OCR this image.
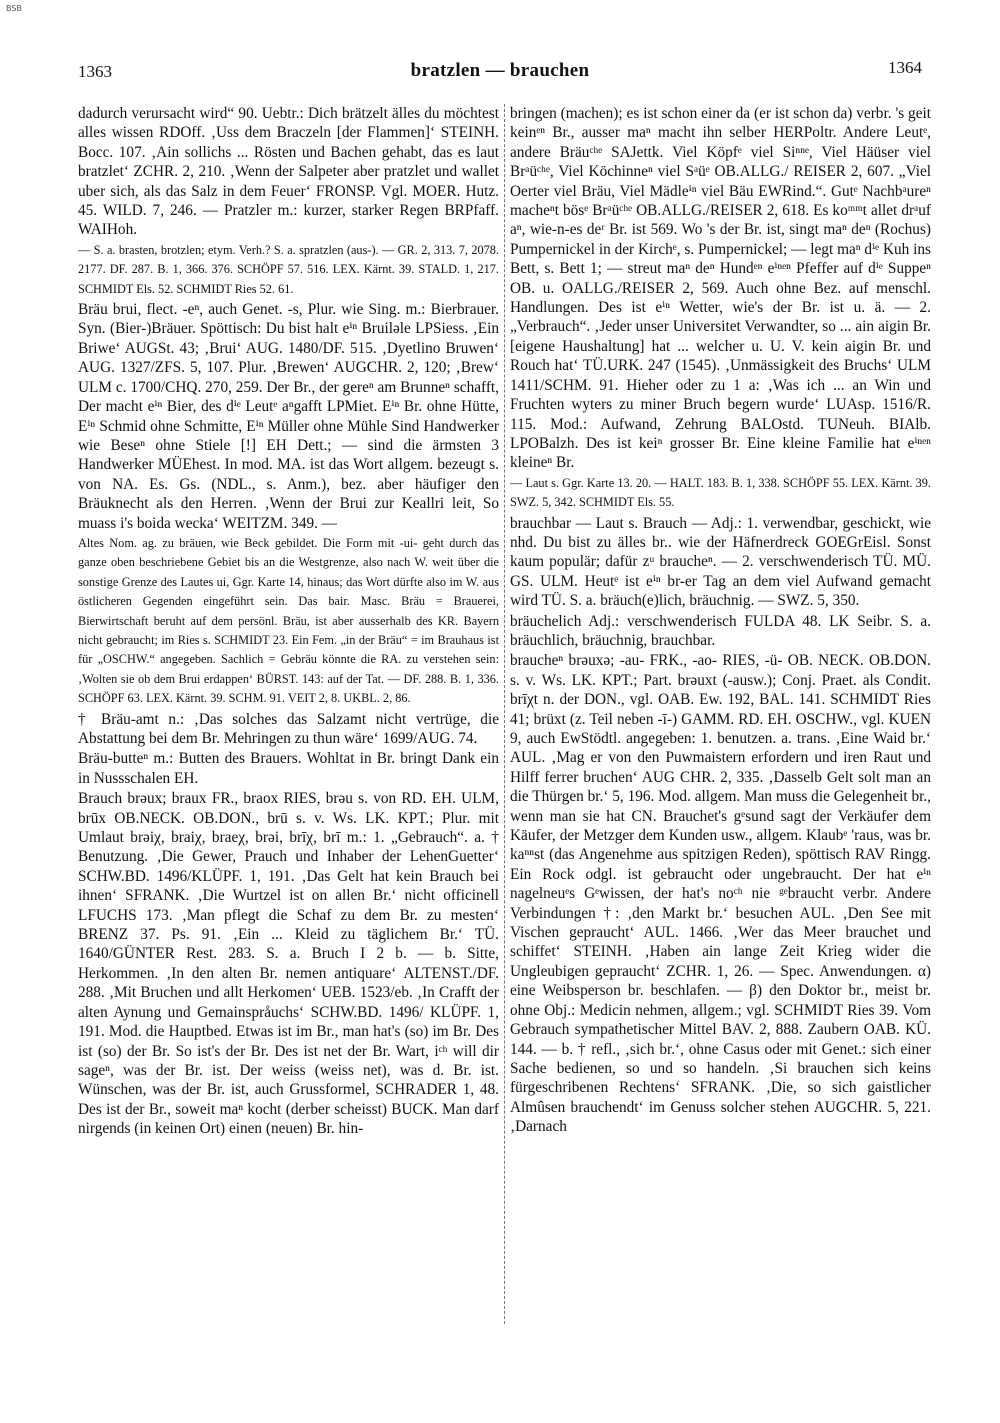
BSB
1363	bratzlen — brauchen	1364

dadurch verursacht wird“ 90. Uebtr.: Dich brätzelt älles du möchtest alles wissen RDOff. ‚Uss dem Braczeln [der Flammen]‘ STEINH. Bocc. 107. ‚Ain sollichs ... Rösten und Bachen gehabt, das es laut bratzlet‘ ZCHR. 2, 210. ‚Wenn der Salpeter aber pratzlet und wallet uber sich, als das Salz in dem Feuer‘ FRONSP. Vgl. MOER. Hutz. 45. WILD. 7, 246. — Pratzler m.: kurzer, starker Regen BRPfaff. WAIHoh.

— S. a. brasten, brotzlen; etym. Verh.? S. a. spratzlen (aus-). — GR. 2, 313. 7, 2078. 2177. DF. 287. B. 1, 366. 376. SCHÖPF 57. 516. LEX. Kärnt. 39. STALD. 1, 217. SCHMIDT Els. 52. SCHMIDT Ries 52. 61.

Bräu brui, flect. -eⁿ, auch Genet. -s, Plur. wie Sing. m.: Bierbrauer. Syn. (Bier-)Bräuer. Spöttisch: Du bist halt eⁱⁿ Bruilǝle LPSiess. ‚Ein Briwe‘ AUGSt. 43; ‚Brui‘ AUG. 1480/DF. 515. ‚Dyetlino Bruwen‘ AUG. 1327/ZFS. 5, 107. Plur. ‚Brewen‘ AUGCHR. 2, 120; ‚Brew‘ ULM c. 1700/CHQ. 270, 259. Der Br., der gereⁿ am Brunneⁿ schafft, Der macht eⁱⁿ Bier, des dⁱᵉ Leutᵉ aⁿgafft LPMiet. Eⁱⁿ Br. ohne Hütte, Eⁱⁿ Schmid ohne Schmitte, Eⁱⁿ Müller ohne Mühle Sind Handwerker wie Beseⁿ ohne Stiele [!] EH Dett.; — sind die ärmsten 3 Handwerker MÜEhest. In mod. MA. ist das Wort allgem. bezeugt s. von NA. Es. Gs. (NDL., s. Anm.), bez. aber häufiger den Bräuknecht als den Herren. ‚Wenn der Brui zur Keallri leit, So muass i's boida wecka‘ WEITZM. 349. —

Altes Nom. ag. zu bräuen, wie Beck gebildet. Die Form mit -ui- geht durch das ganze oben beschriebene Gebiet bis an die Westgrenze, also nach W. weit über die sonstige Grenze des Lautes ui, Ggr. Karte 14, hinaus; das Wort dürfte also im W. aus östlicheren Gegenden eingeführt sein. Das bair. Masc. Bräu = Brauerei, Bierwirtschaft beruht auf dem persönl. Bräu, ist aber ausserhalb des KR. Bayern nicht gebraucht; im Ries s. SCHMIDT 23. Ein Fem. „in der Bräu“ = im Brauhaus ist für „OSCHW.“ angegeben. Sachlich = Gebräu könnte die RA. zu verstehen sein: ‚Wolten sie ob dem Brui erdappen‘ BÜRST. 143: auf der Tat. — DF. 288. B. 1, 336. SCHÖPF 63. LEX. Kärnt. 39. SCHM. 91. VEIT 2, 8. UKBL. 2, 86.

† Bräu-amt n.: ‚Das solches das Salzamt nicht vertrüge, die Abstattung bei dem Br. Mehringen zu thun wäre‘ 1699/AUG. 74.

Bräu-butteⁿ m.: Butten des Brauers. Wohltat in Br. bringt Dank ein in Nussschalen EH.

Brauch brǝux; braux FR., braox RIES, brǝu s. von RD. EH. ULM, brūx OB.NECK. OB.DON., brū s. v. Ws. LK. KPT.; Plur. mit Umlaut brǝiχ, braiχ, braeχ, brǝi, brīχ, brī m.: 1. „Gebrauch“. a. † Benutzung. ‚Die Gewer, Prauch und Inhaber der LehenGuetter‘ SCHW.BD. 1496/KLÜPF. 1, 191. ‚Das Gelt hat kein Brauch bei ihnen‘ SFRANK. ‚Die Wurtzel ist on allen Br.‘ nicht officinell LFUCHS 173. ‚Man pflegt die Schaf zu dem Br. zu mesten‘ BRENZ 37. Ps. 91. ‚Ein ... Kleid zu täglichem Br.‘ TÜ. 1640/GÜNTER Rest. 283. S. a. Bruch I 2 b. — b. Sitte, Herkommen. ‚In den alten Br. nemen antiquare‘ ALTENST./DF. 288. ‚Mit Bruchen und allt Herkomen‘ UEB. 1523/eb. ‚In Crafft der alten Aynung und Gemainspråuchs‘ SCHW.BD. 1496/ KLÜPF. 1, 191. Mod. die Hauptbed. Etwas ist im Br., man hat's (so) im Br. Des ist (so) der Br. So ist's der Br. Des ist net der Br. Wart, iᶜʰ will dir sageⁿ, was der Br. ist. Der weiss (weiss net), was d. Br. ist. Wünschen, was der Br. ist, auch Grussformel, SCHRADER 1, 48. Des ist der Br., soweit maⁿ kocht (derber scheisst) BUCK. Man darf nirgends (in keinen Ort) einen (neuen) Br. hin-

bringen (machen); es ist schon einer da (er ist schon da) verbr. 's geit keinᵉⁿ Br., ausser maⁿ macht ihn selber HERPoltr. Andere Leutᵉ, andere Bräuᶜʰᵉ SAJettk. Viel Köpfᵉ viel Siⁿⁿᵉ, Viel Häüser viel Brᵃüᶜʰᵉ, Viel Köchinneⁿ viel Sᵃüᵉ OB.ALLG./ REISER 2, 607. „Viel Oerter viel Bräu, Viel Mädleⁱⁿ viel Bäu EWRind.“. Gutᵉ Nachbᵃureⁿ macheⁿt bösᵉ Brᵃüᶜʰᵉ OB.ALLG./REISER 2, 618. Es koᵐᵐt allet drᵃuf aⁿ, wie-n-es deʳ Br. ist 569. Wo 's der Br. ist, singt maⁿ deⁿ (Rochus) Pumpernickel in der Kirchᵉ, s. Pumpernickel; — legt maⁿ dⁱᵉ Kuh ins Bett, s. Bett 1; — streut maⁿ deⁿ Hundᵉⁿ eⁱⁿᵉⁿ Pfeffer auf dⁱᵉ Suppeⁿ OB. u. OALLG./REISER 2, 569. Auch ohne Bez. auf menschl. Handlungen. Des ist eⁱⁿ Wetter, wie's der Br. ist u. ä. — 2. „Verbrauch“. ‚Jeder unser Universitet Verwandter, so ... ain aigin Br. [eigene Haushaltung] hat ... welcher u. U. V. kein aigin Br. und Rouch hat‘ TÜ.URK. 247 (1545). ‚Unmässigkeit des Bruchs‘ ULM 1411/SCHM. 91. Hieher oder zu 1 a: ‚Was ich ... an Win und Fruchten wyters zu miner Bruch begern wurde‘ LUAsp. 1516/R. 115. Mod.: Aufwand, Zehrung BALOstd. TUNeuh. BIAlb. LPOBalzh. Des ist keiⁿ grosser Br. Eine kleine Familie hat eⁱⁿᵉⁿ kleineⁿ Br.

— Laut s. Ggr. Karte 13. 20. — HALT. 183. B. 1, 338. SCHÖPF 55. LEX. Kärnt. 39. SWZ. 5, 342. SCHMIDT Els. 55.

brauchbar — Laut s. Brauch — Adj.: 1. verwendbar, geschickt, wie nhd. Du bist zu älles br.. wie der Häfnerdreck GOEGrEisl. Sonst kaum populär; dafür zᵘ braucheⁿ. — 2. verschwenderisch TÜ. MÜ. GS. ULM. Heutᵉ ist eⁱⁿ br-er Tag an dem viel Aufwand gemacht wird TÜ. S. a. bräuch(e)lich, bräuchnig. — SWZ. 5, 350.

bräuchelich Adj.: verschwenderisch FULDA 48. LK Seibr. S. a. bräuchlich, bräuchnig, brauchbar.

braucheⁿ brǝuxǝ; -au- FRK., -ao- RIES, -ü- OB. NECK. OB.DON. s. v. Ws. LK. KPT.; Part. brǝuxt (-ausw.); Conj. Praet. als Condit. brīχt n. der DON., vgl. OAB. Ew. 192, BAL. 141. SCHMIDT Ries 41; brüxt (z. Teil neben -ī-) GAMM. RD. EH. OSCHW., vgl. KUEN 9, auch EwStödtl. angegeben: 1. benutzen. a. trans. ‚Eine Waid br.‘ AUL. ‚Mag er von den Puwmaistern erfordern und iren Raut und Hilff ferrer bruchen‘ AUG CHR. 2, 335. ‚Dasselb Gelt solt man an die Thürgen br.‘ 5, 196. Mod. allgem. Man muss die Gelegenheit br., wenn man sie hat CN. Brauchet's gᵉsund sagt der Verkäufer dem Käufer, der Metzger dem Kunden usw., allgem. Klaubᵉ 'raus, was br. kaⁿⁿst (das Angenehme aus spitzigen Reden), spöttisch RAV Ringg. Ein Rock odgl. ist gebraucht oder ungebraucht. Der hat eⁱⁿ nagelneuᵉs Gᵉwissen, der hat's noᶜʰ nie ᵍᵉbraucht verbr. Andere Verbindungen †: ‚den Markt br.‘ besuchen AUL. ‚Den See mit Vischen gepraucht‘ AUL. 1466. ‚Wer das Meer brauchet und schiffet‘ STEINH. ‚Haben ain lange Zeit Krieg wider die Ungleubigen gepraucht‘ ZCHR. 1, 26. — Spec. Anwendungen. α) eine Weibsperson br. beschlafen. — β) den Doktor br., meist br. ohne Obj.: Medicin nehmen, allgem.; vgl. SCHMIDT Ries 39. Vom Gebrauch sympathetischer Mittel BAV. 2, 888. Zaubern OAB. KÜ. 144. — b. † refl., ‚sich br.‘, ohne Casus oder mit Genet.: sich einer Sache bedienen, so und so handeln. ‚Si brauchen sich keins fürgeschribenen Rechtens‘ SFRANK. ‚Die, so sich gaistlicher Almûsen brauchendt‘ im Genuss solcher stehen AUGCHR. 5, 221. ‚Darnach
